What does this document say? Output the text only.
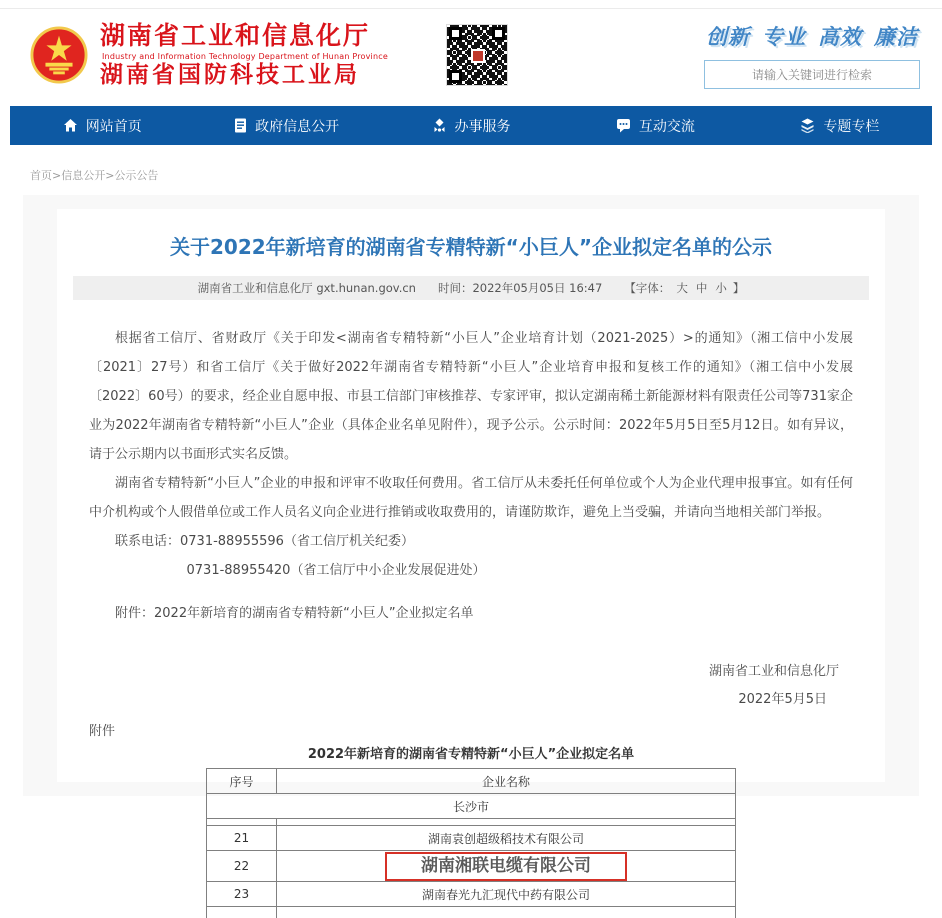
湖南省工业和信息化厅
Industry and Information Technology Department of Hunan Province
湖南省国防科技工业局
创新 专业 高效 廉洁
请输入关键词进行检索
网站首页	政府信息公开	办事服务	互动交流	专题专栏
首页>信息公开>公示公告
关于2022年新培育的湖南省专精特新“小巨人”企业拟定名单的公示
湖南省工业和信息化厅 gxt.hunan.gov.cn 时间：2022年05月05日 16:47 【字体： 大 中 小 】
根据省工信厅、省财政厅《关于印发<湖南省专精特新“小巨人”企业培育计划（2021-2025）>的通知》（湘工信中小发展〔2021〕27号）和省工信厅《关于做好2022年湖南省专精特新“小巨人”企业培育申报和复核工作的通知》（湘工信中小发展〔2022〕60号）的要求，经企业自愿申报、市县工信部门审核推荐、专家评审，拟认定湖南稀土新能源材料有限责任公司等731家企业为2022年湖南省专精特新“小巨人”企业（具体企业名单见附件），现予公示。公示时间：2022年5月5日至5月12日。如有异议，请于公示期内以书面形式实名反馈。
湖南省专精特新“小巨人”企业的申报和评审不收取任何费用。省工信厅从未委托任何单位或个人为企业代理申报事宜。如有任何中介机构或个人假借单位或工作人员名义向企业进行推销或收取费用的，请谨防欺诈，避免上当受骗，并请向当地相关部门举报。
联系电话：0731-88955596（省工信厅机关纪委）
0731-88955420（省工信厅中小企业发展促进处）
附件：2022年新培育的湖南省专精特新“小巨人”企业拟定名单
湖南省工业和信息化厅
2022年5月5日
附件
2022年新培育的湖南省专精特新“小巨人”企业拟定名单
序号	企业名称
长沙市	

21	湖南袁创超级稻技术有限公司
22	湖南湘联电缆有限公司
23	湖南春光九汇现代中药有限公司
